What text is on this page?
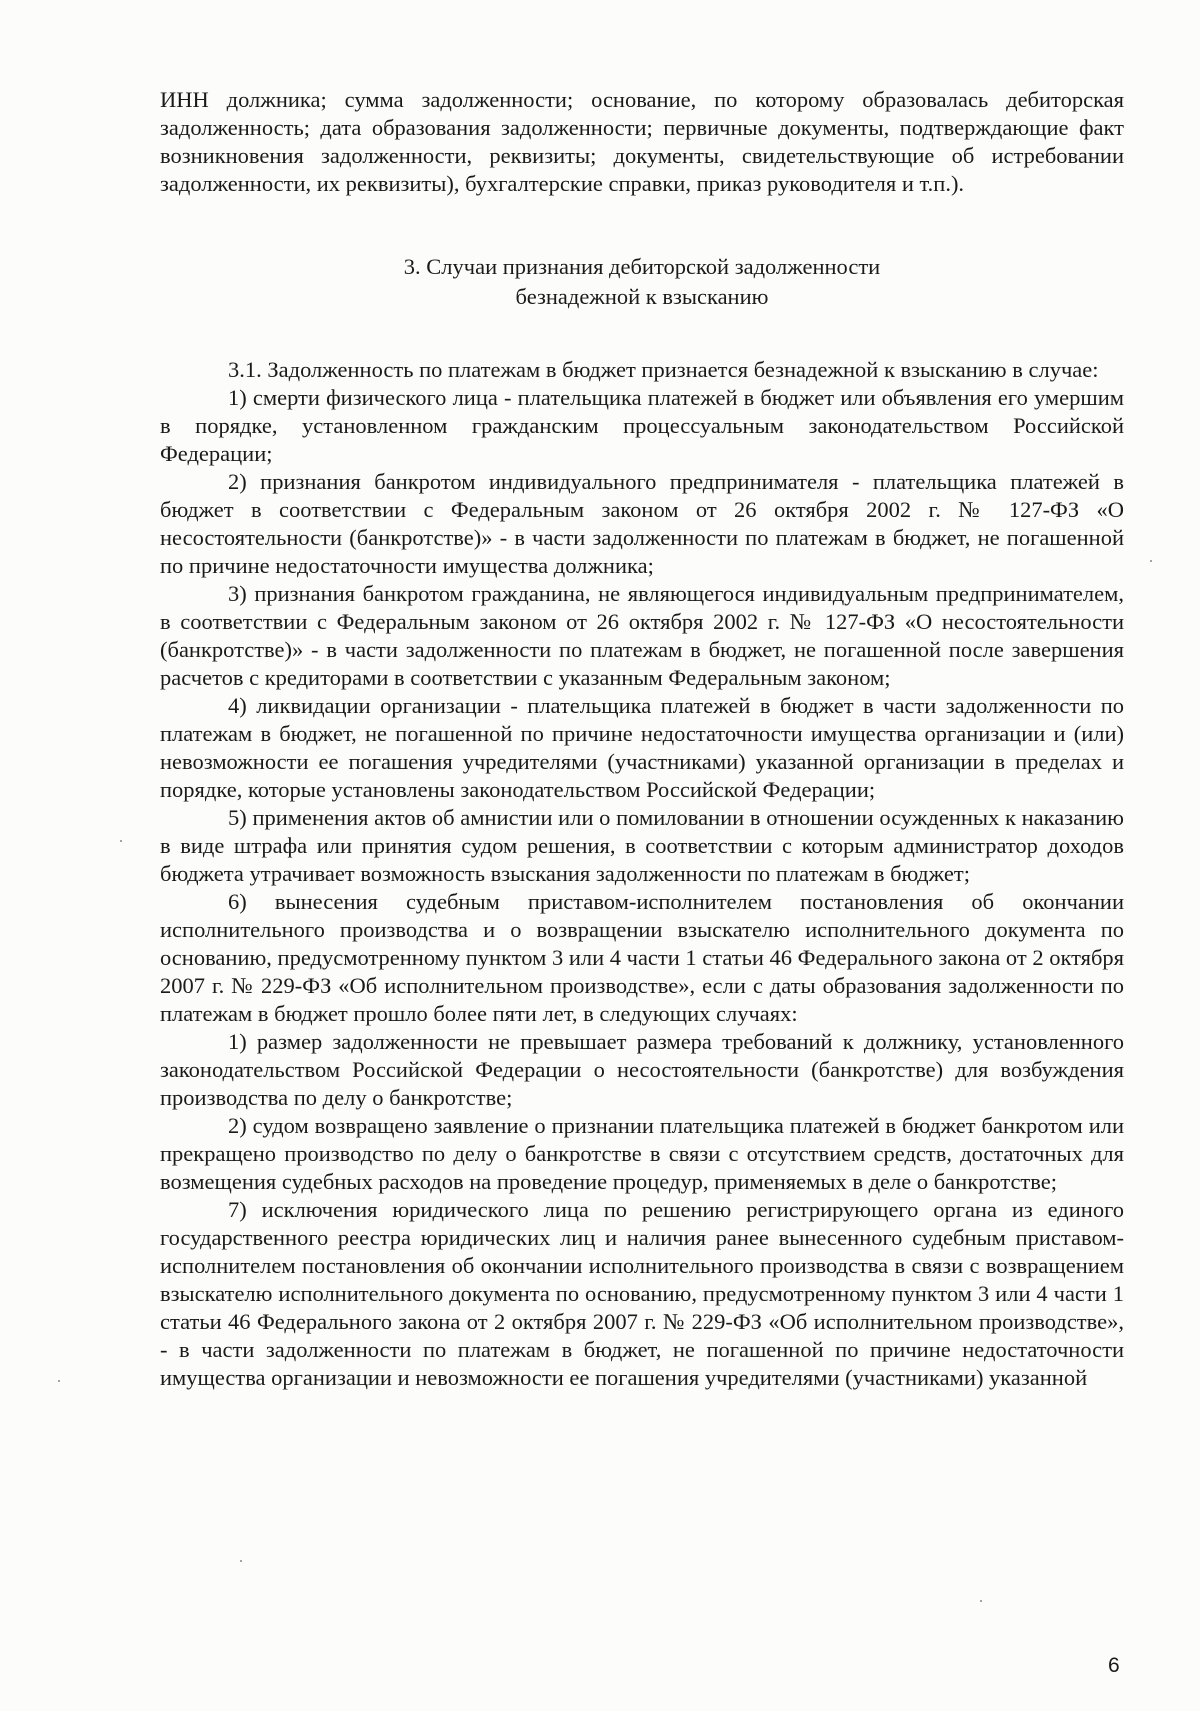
ИНН должника; сумма задолженности; основание, по которому образовалась дебиторская задолженность; дата образования задолженности; первичные документы, подтверждающие факт возникновения задолженности, реквизиты; документы, свидетельствующие об истребовании задолженности, их реквизиты), бухгалтерские справки, приказ руководителя и т.п.).

3. Случаи признания дебиторской задолженности
безнадежной к взысканию

3.1. Задолженность по платежам в бюджет признается безнадежной к взысканию в случае:

1) смерти физического лица - плательщика платежей в бюджет или объявления его умершим в порядке, установленном гражданским процессуальным законодательством Российской Федерации;

2) признания банкротом индивидуального предпринимателя - плательщика платежей в бюджет в соответствии с Федеральным законом от 26 октября 2002 г. № 127-ФЗ «О несостоятельности (банкротстве)» - в части задолженности по платежам в бюджет, не погашенной по причине недостаточности имущества должника;

3) признания банкротом гражданина, не являющегося индивидуальным предпринимателем, в соответствии с Федеральным законом от 26 октября 2002 г. № 127-ФЗ «О несостоятельности (банкротстве)» - в части задолженности по платежам в бюджет, не погашенной после завершения расчетов с кредиторами в соответствии с указанным Федеральным законом;

4) ликвидации организации - плательщика платежей в бюджет в части задолженности по платежам в бюджет, не погашенной по причине недостаточности имущества организации и (или) невозможности ее погашения учредителями (участниками) указанной организации в пределах и порядке, которые установлены законодательством Российской Федерации;

5) применения актов об амнистии или о помиловании в отношении осужденных к наказанию в виде штрафа или принятия судом решения, в соответствии с которым администратор доходов бюджета утрачивает возможность взыскания задолженности по платежам в бюджет;

6) вынесения судебным приставом-исполнителем постановления об окончании исполнительного производства и о возвращении взыскателю исполнительного документа по основанию, предусмотренному пунктом 3 или 4 части 1 статьи 46 Федерального закона от 2 октября 2007 г. № 229-ФЗ «Об исполнительном производстве», если с даты образования задолженности по платежам в бюджет прошло более пяти лет, в следующих случаях:

1) размер задолженности не превышает размера требований к должнику, установленного законодательством Российской Федерации о несостоятельности (банкротстве) для возбуждения производства по делу о банкротстве;

2) судом возвращено заявление о признании плательщика платежей в бюджет банкротом или прекращено производство по делу о банкротстве в связи с отсутствием средств, достаточных для возмещения судебных расходов на проведение процедур, применяемых в деле о банкротстве;

7) исключения юридического лица по решению регистрирующего органа из единого государственного реестра юридических лиц и наличия ранее вынесенного судебным приставом-исполнителем постановления об окончании исполнительного производства в связи с возвращением взыскателю исполнительного документа по основанию, предусмотренному пунктом 3 или 4 части 1 статьи 46 Федерального закона от 2 октября 2007 г. № 229-ФЗ «Об исполнительном производстве», - в части задолженности по платежам в бюджет, не погашенной по причине недостаточности имущества организации и невозможности ее погашения учредителями (участниками) указанной

6
